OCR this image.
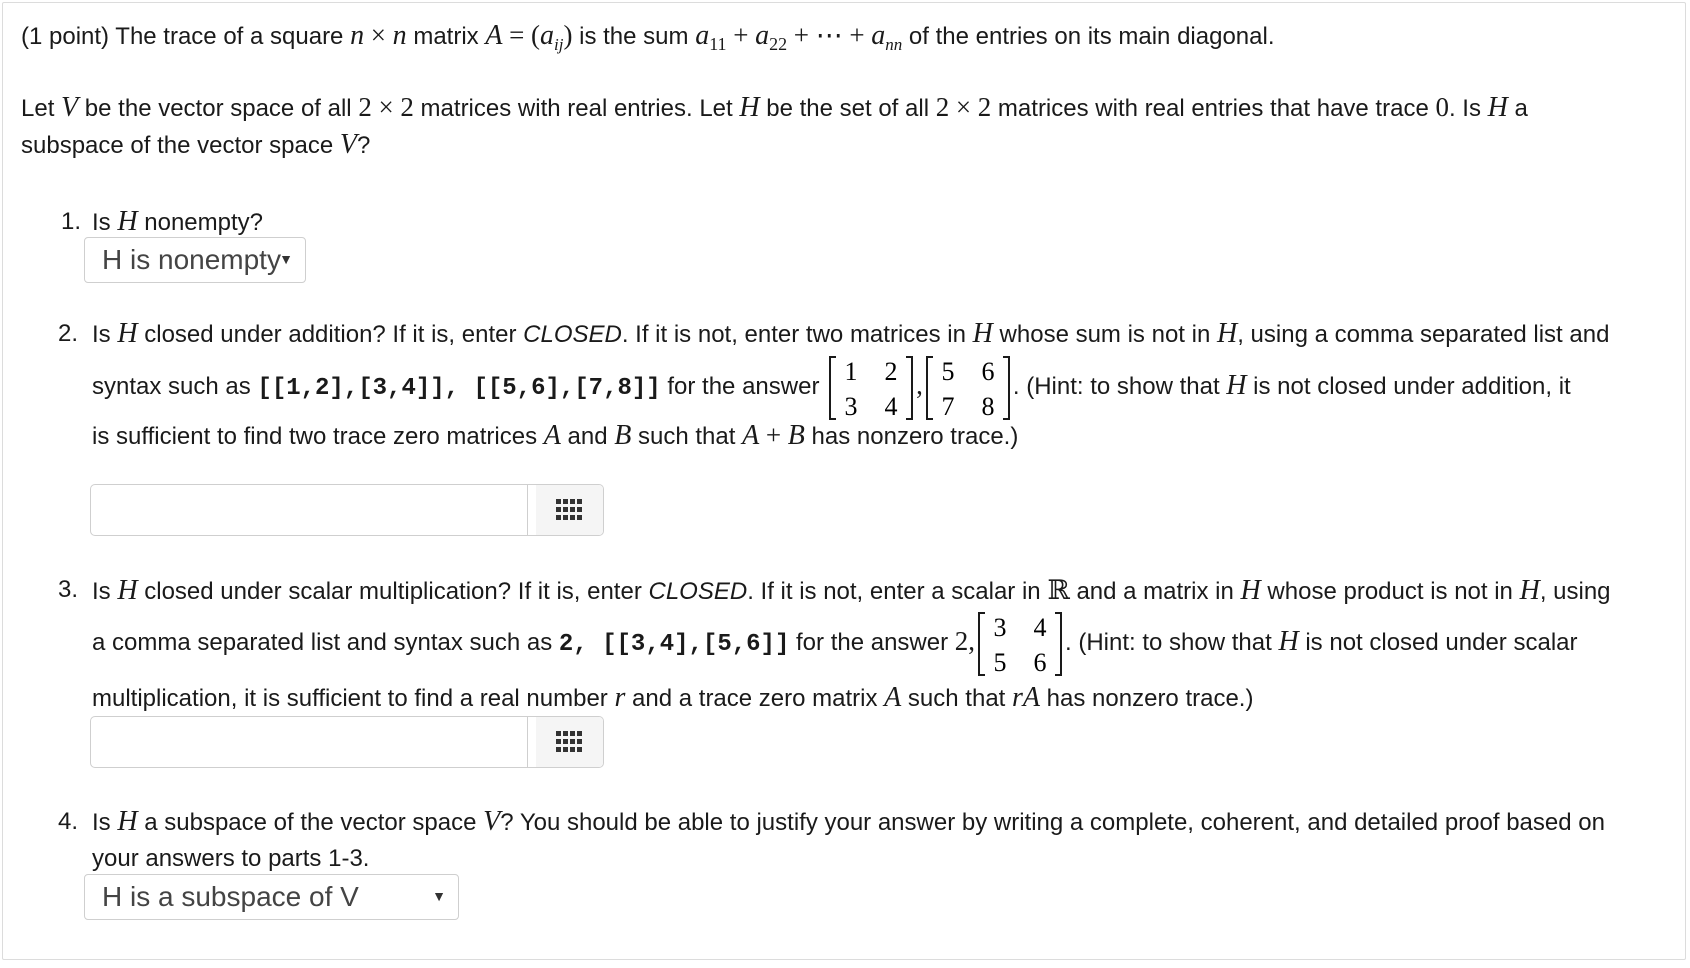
(1 point) The trace of a square n × n matrix $A = (a_{ij})$ is the sum $a_{11} + a_{22}$ + ⋯ + $a_{nn}$ of the entries on its main diagonal.
Let V be the vector space of all 2 × 2 matrices with real entries. Let H be the set of all 2 × 2 matrices with real entries that have trace 0. Is H a
subspace of the vector space V?
1. Is H nonempty?
H is nonempty
▼
2. Is H closed under addition? If it is, enter CLOSED. If it is not, enter two matrices in H whose sum is not in H, using a comma separated list and
syntax such as [[1,2],[3,4]], [[5,6],[7,8]] for the answer
1 2
3 4
, 5 6
7 8
. (Hint: to show that H is not closed under addition, it
is sufficient to find two trace zero matrices A and B such that A + B has nonzero trace.)
3. Is H closed under scalar multiplication? If it is, enter CLOSED. If it is not, enter a scalar in ℝ and a matrix in H whose product is not in H, using
a comma separated list and syntax such as 2, [[3,4],[5,6]] for the answer 2, 3 4
5 6
. (Hint: to show that H is not closed under scalar
multiplication, it is sufficient to find a real number r and a trace zero matrix A such that rA has nonzero trace.)
4. Is H a subspace of the vector space V? You should be able to justify your answer by writing a complete, coherent, and detailed proof based on
your answers to parts 1-3.
H is a subspace of V	▼
